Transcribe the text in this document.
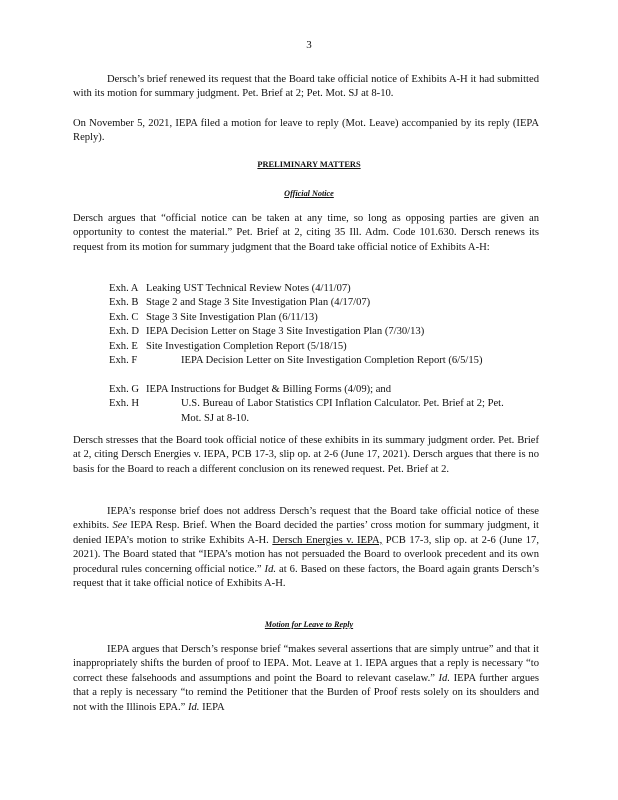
3
Dersch’s brief renewed its request that the Board take official notice of Exhibits A-H it had submitted with its motion for summary judgment. Pet. Brief at 2; Pet. Mot. SJ at 8-10.
On November 5, 2021, IEPA filed a motion for leave to reply (Mot. Leave) accompanied by its reply (IEPA Reply).
PRELIMINARY MATTERS
Official Notice
Dersch argues that “official notice can be taken at any time, so long as opposing parties are given an opportunity to contest the material.” Pet. Brief at 2, citing 35 Ill. Adm. Code 101.630. Dersch renews its request from its motion for summary judgment that the Board take official notice of Exhibits A-H:
Exh. A Leaking UST Technical Review Notes (4/11/07)
Exh. B Stage 2 and Stage 3 Site Investigation Plan (4/17/07)
Exh. C Stage 3 Site Investigation Plan (6/11/13)
Exh. D IEPA Decision Letter on Stage 3 Site Investigation Plan (7/30/13)
Exh. E Site Investigation Completion Report (5/18/15)
Exh. F	IEPA Decision Letter on Site Investigation Completion Report (6/5/15)
Exh. G IEPA Instructions for Budget & Billing Forms (4/09); and
Exh. H	U.S. Bureau of Labor Statistics CPI Inflation Calculator. Pet. Brief at 2; Pet. Mot. SJ at 8-10.
Dersch stresses that the Board took official notice of these exhibits in its summary judgment order. Pet. Brief at 2, citing Dersch Energies v. IEPA, PCB 17-3, slip op. at 2-6 (June 17, 2021). Dersch argues that there is no basis for the Board to reach a different conclusion on its renewed request. Pet. Brief at 2.
IEPA’s response brief does not address Dersch’s request that the Board take official notice of these exhibits. See IEPA Resp. Brief. When the Board decided the parties’ cross motion for summary judgment, it denied IEPA’s motion to strike Exhibits A-H. Dersch Energies v. IEPA, PCB 17-3, slip op. at 2-6 (June 17, 2021). The Board stated that “IEPA’s motion has not persuaded the Board to overlook precedent and its own procedural rules concerning official notice.” Id. at 6. Based on these factors, the Board again grants Dersch’s request that it take official notice of Exhibits A-H.
Motion for Leave to Reply
IEPA argues that Dersch’s response brief “makes several assertions that are simply untrue” and that it inappropriately shifts the burden of proof to IEPA. Mot. Leave at 1. IEPA argues that a reply is necessary “to correct these falsehoods and assumptions and point the Board to relevant caselaw.” Id. IEPA further argues that a reply is necessary “to remind the Petitioner that the Burden of Proof rests solely on its shoulders and not with the Illinois EPA.” Id. IEPA
